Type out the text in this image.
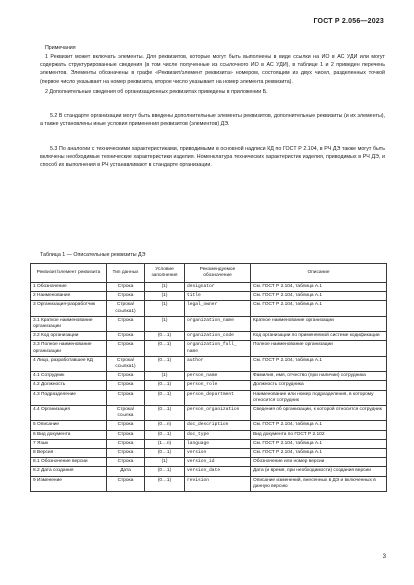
ГОСТ Р 2.056—2023
Примечания
1 Реквизит может включать элементы. Для реквизитов, которые могут быть выполнены в виде ссылки на ИО в АС УДИ или могут содержать структурированные сведения (в том числе полученные из ссылочного ИО в АС УДИ), в таблице 1 и 2 приведен перечень элементов. Элементы обозначены в графе «Реквизит/элемент реквизита» номером, состоящим из двух чисел, разделенных точкой (первое число указывает на номер реквизита, второе число указывает на номер элемента реквизита).
2 Дополнительные сведения об организационных реквизитах приведены в приложении Б.
5.2 В стандарте организации могут быть введены дополнительные элементы реквизитов, дополнительные реквизиты (и их элементы), а также установлены иные условия применения реквизитов (элементов) ДЭ.
5.3 По аналогии с техническими характеристиками, приводимыми в основной надписи КД по ГОСТ Р 2.104, в РЧ ДЭ также могут быть включены необходимые технические характеристики изделия. Номенклатура технических характеристик изделия, приводимых в РЧ ДЭ, и способ их выполнения в РЧ устанавливают в стандарте организации.
Таблица 1 — Описательные реквизиты ДЭ
Реквизит/элемент реквизита	Тип данных	Условие заполнения	Рекомендуемое обозначение	Описание
1 Обозначение	Строка	(1)	designator	См. ГОСТ Р 2.104, таблица А.1
2 Наименование	Строка	(1)	title	См. ГОСТ Р 2.104, таблица А.1
3 Организация-разработчик	Строка/ ссылка1)	(1)	legal_owner	См. ГОСТ Р 2.104, таблица А.1
3.1 Краткое наименование организации	Строка	(1)	organization_name	Краткое наименование организации
3.2 Код организации	Строка	(0…1)	organization_code	Код организации по применяемой системе кодификации
3.3 Полное наименование организации	Строка	(0…1)	organization_full_ name	Полное наименование организации
4 Лицо, разработавшее КД	Строка/ ссылка1)	(0…1)	author	См. ГОСТ Р 2.104, таблица А.1
4.1 Сотрудник	Строка	(1)	person_name	Фамилия, имя, отчество (при наличии) сотрудника
4.2 Должность	Строка	(0…1)	person_role	Должность сотрудника
4.3 Подразделение	Строка	(0…1)	person_department	Наименование или номер подразделения, в которому относится сотрудник
4.4 Организация	Строка/ ссылка	(0…1)	person_organization	Сведения об организации, к которой относится сотрудник
5 Описание	Строка	(0…n)	doc_description	См. ГОСТ Р 2.104, таблица А.1
6 Вид документа	Строка	(0…1)	doc_type	Вид документа по ГОСТ Р 2.102
7 Язык	Строка	(1…n)	language	См. ГОСТ Р 2.104, таблица А.1
8 Версия	Строка	(0…1)	version	См. ГОСТ Р 2.104, таблица А.1
8.1 Обозначение версии	Строка	(1)	version_id	Обозначение или номер версии
8.2 Дата создания	Дата	(0…1)	version_date	Дата (и время, при необходимости) создания версии
9 Изменение	Строка	(0…1)	revision	Описание изменений, внесенных в ДЭ и включенных в данную версию
3
